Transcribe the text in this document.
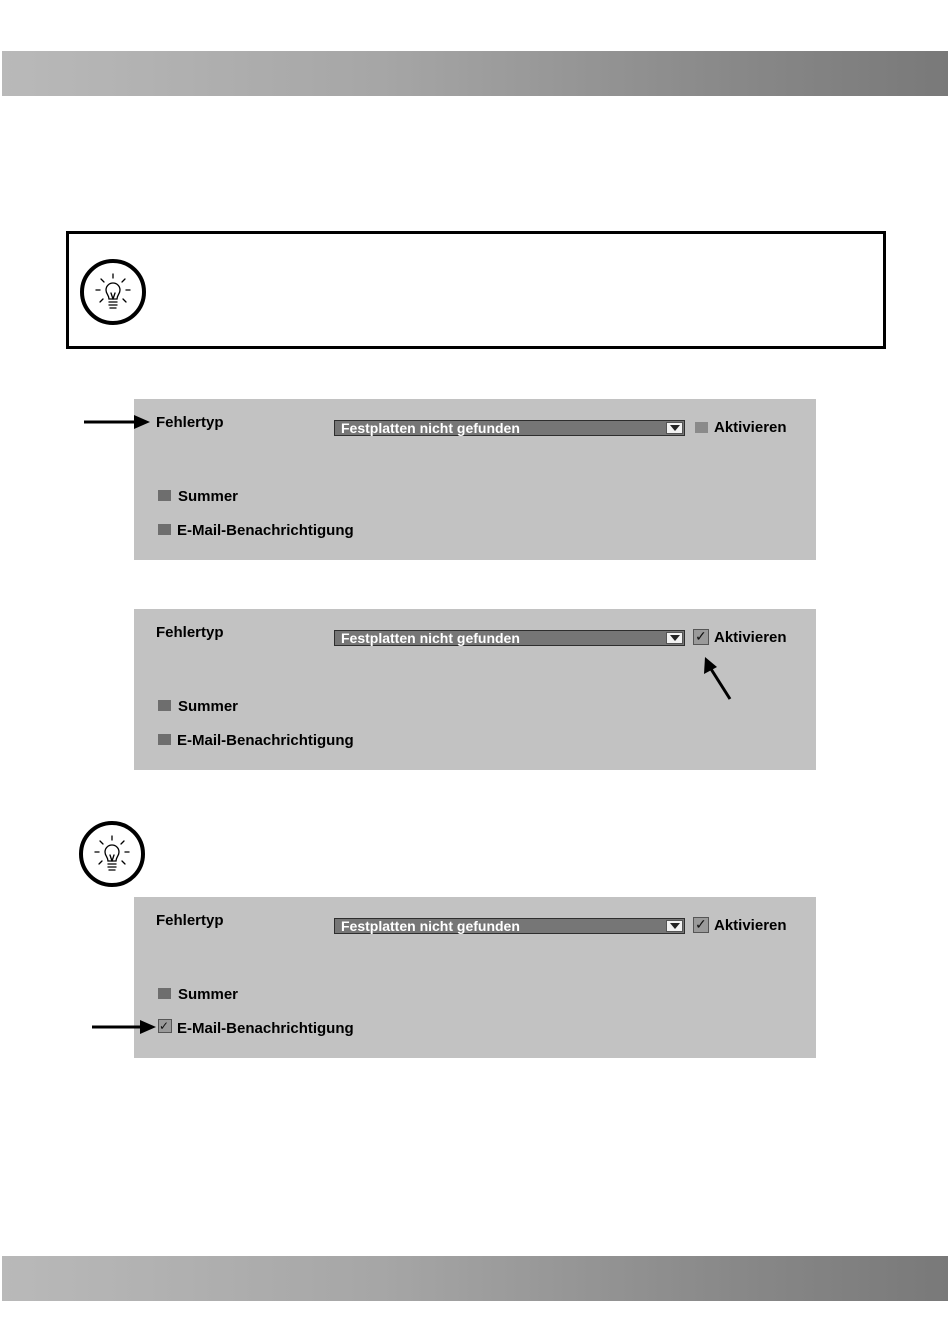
Fehlertyp	Festplatten nicht gefunden	Aktivieren
Summer
E-Mail-Benachrichtigung
Fehlertyp	Festplatten nicht gefunden	✓ Aktivieren
Summer
E-Mail-Benachrichtigung
Fehlertyp	Festplatten nicht gefunden	✓ Aktivieren
Summer
✓ E-Mail-Benachrichtigung
